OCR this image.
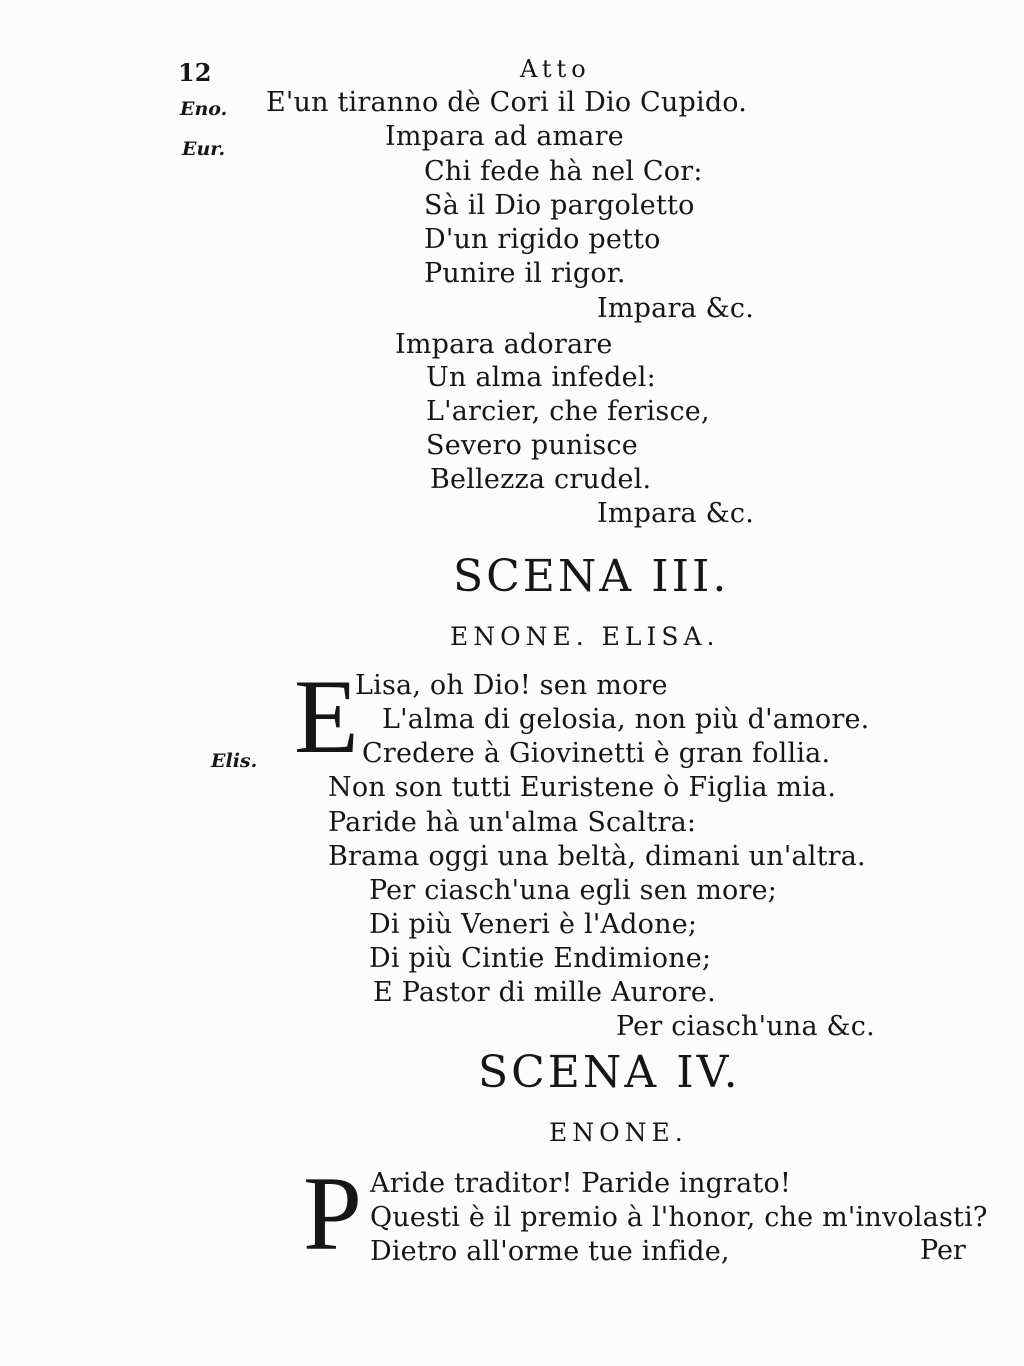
12	Atto
Eno. E'un tiranno dè Cori il Dio Cupido.
Eur.	Impara ad amare
Chi fede hà nel Cor:
Sà il Dio pargoletto
D'un rigido petto
Punire il rigor.
Impara &c.
Impara adorare
Un alma infedel:
L'arcier, che ferisce,
Severo punisce
Bellezza crudel.
Impara &c.
SCENA III.
ENONE. ELISA.
E
Lisa, oh Dio! sen more
L'alma di gelosia, non più d'amore.
Elis.	Credere à Giovinetti è gran follia.
Non son tutti Euristene ò Figlia mia.
Paride hà un'alma Scaltra:
Brama oggi una beltà, dimani un'altra.
Per ciasch'una egli sen more;
Di più Veneri è l'Adone;
Di più Cintie Endimione;
E Pastor di mille Aurore.
Per ciasch'una &c.
SCENA IV.
ENONE.
P Aride traditor! Paride ingrato!
Questi è il premio à l'honor, che m'involasti?
Dietro all'orme tue infide,	Per
